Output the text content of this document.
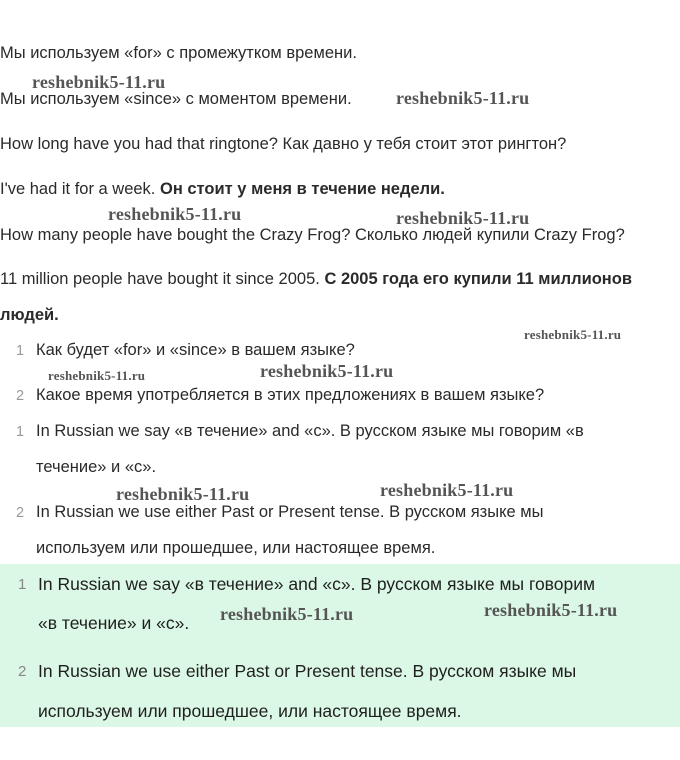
Мы используем «for» с промежутком времени.
Мы используем «since» с моментом времени.
How long have you had that ringtone? Как давно у тебя стоит этот рингтон?
I've had it for a week. Он стоит у меня в течение недели.
How many people have bought the Crazy Frog? Сколько людей купили Crazy Frog?
11 million people have bought it since 2005. С 2005 года его купили 11 миллионов
людей.
1 Как будет «for» и «since» в вашем языке?
2 Какое время употребляется в этих предложениях в вашем языке?
1 In Russian we say «в течение» and «с». В русском языке мы говорим «в
течение» и «с».
2 In Russian we use either Past or Present tense. В русском языке мы
используем или прошедшее, или настоящее время.
1 In Russian we say «в течение» and «с». В русском языке мы говорим
«в течение» и «с».
2 In Russian we use either Past or Present tense. В русском языке мы
используем или прошедшее, или настоящее время.
reshebnik5-11.ru
reshebnik5-11.ru
reshebnik5-11.ru	reshebnik5-11.ru
reshebnik5-11.ru
reshebnik5-11.ru	reshebnik5-11.ru
reshebnik5-11.ru	reshebnik5-11.ru
reshebnik5-11.ru	reshebnik5-11.ru
